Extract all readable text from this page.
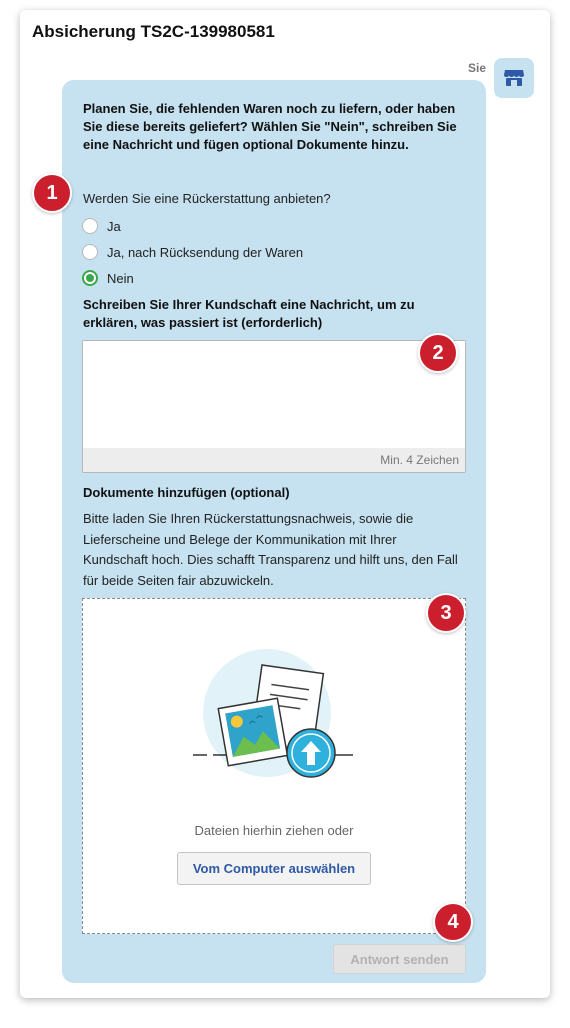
Absicherung TS2C-139980581
Sie
Planen Sie, die fehlenden Waren noch zu liefern, oder haben Sie diese bereits geliefert? Wählen Sie "Nein", schreiben Sie eine Nachricht und fügen optional Dokumente hinzu.
Werden Sie eine Rückerstattung anbieten?
Ja
Ja, nach Rücksendung der Waren
Nein
Schreiben Sie Ihrer Kundschaft eine Nachricht, um zu erklären, was passiert ist (erforderlich)
Min. 4 Zeichen
Dokumente hinzufügen (optional)
Bitte laden Sie Ihren Rückerstattungsnachweis, sowie die Lieferscheine und Belege der Kommunikation mit Ihrer Kundschaft hoch. Dies schafft Transparenz und hilft uns, den Fall für beide Seiten fair abzuwickeln.
Dateien hierhin ziehen oder
Vom Computer auswählen
Antwort senden
1
2
3
4
